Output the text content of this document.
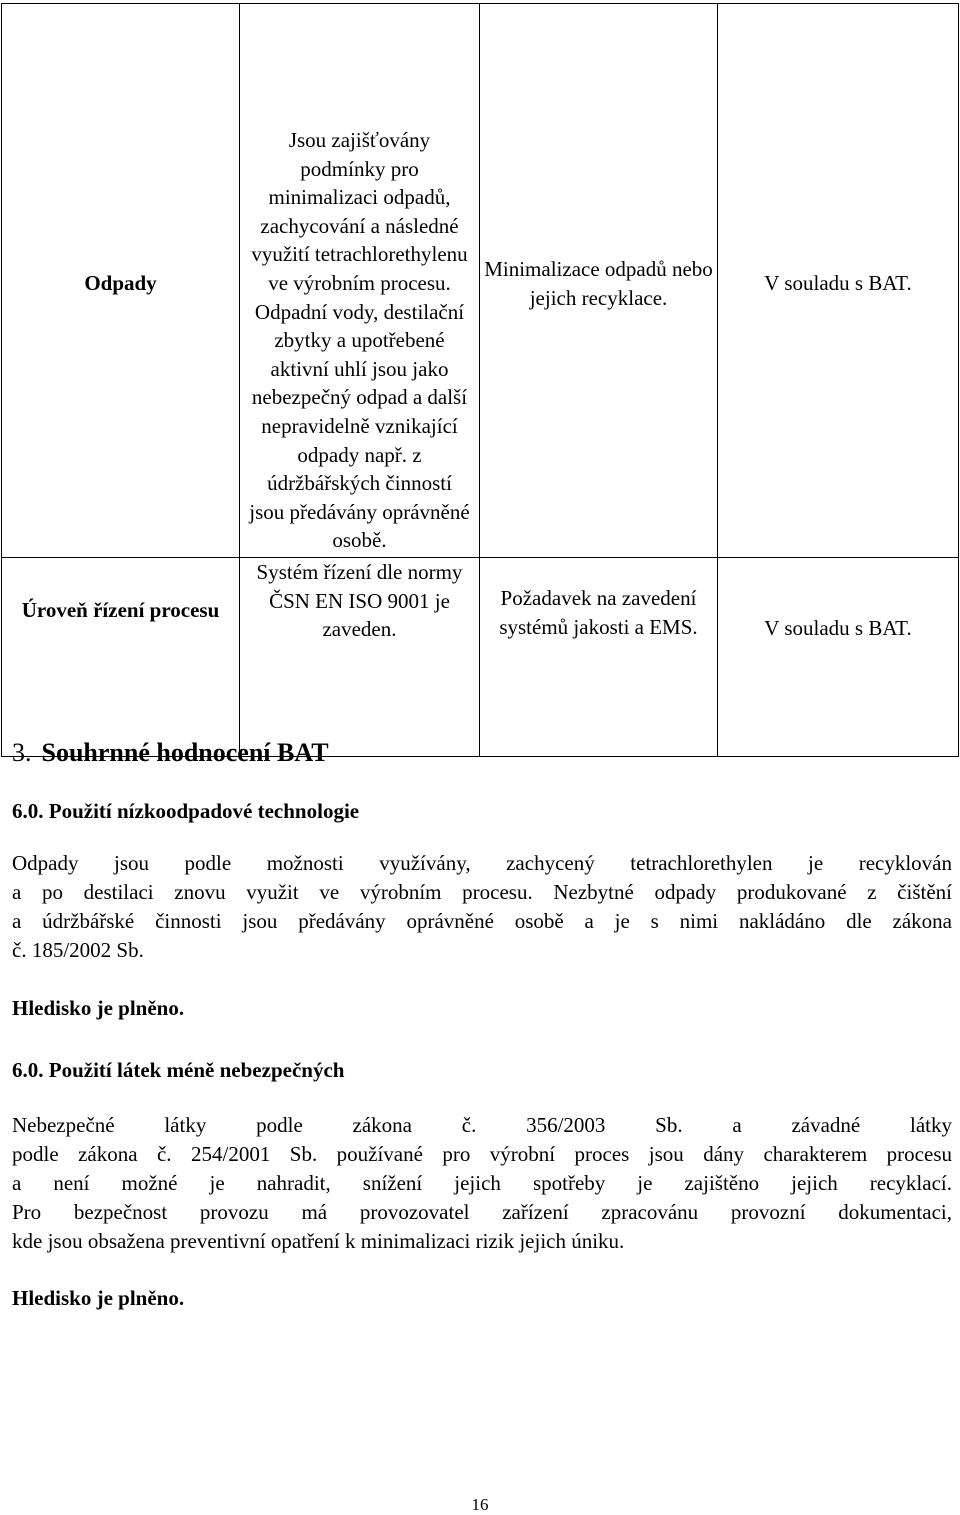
Odpady	Jsou zajišťovány podmínky pro minimalizaci odpadů, zachycování a následné využití tetrachlorethylenu ve výrobním procesu. Odpadní vody, destilační zbytky a upotřebené aktivní uhlí jsou jako nebezpečný odpad a další nepravidelně vznikající odpady např. z údržbářských činností jsou předávány oprávněné osobě.	Minimalizace odpadů nebo jejich recyklace.	V souladu s BAT.
Úroveň řízení procesu	Systém řízení dle normy ČSN EN ISO 9001 je zaveden.	Požadavek na zavedení systémů jakosti a EMS.	V souladu s BAT.
3. Souhrnné hodnocení BAT
6.0. Použití nízkoodpadové technologie
Odpady jsou podle možnosti využívány, zachycený tetrachlorethylen je recyklován
a po destilaci znovu využit ve výrobním procesu. Nezbytné odpady produkované z čištění
a údržbářské činnosti jsou předávány oprávněné osobě a je s nimi nakládáno dle zákona
č. 185/2002 Sb.

Hledisko je plněno.

6.0. Použití látek méně nebezpečných
Nebezpečné látky podle zákona č. 356/2003 Sb. a závadné látky
podle zákona č. 254/2001 Sb. používané pro výrobní proces jsou dány charakterem procesu
a není možné je nahradit, snížení jejich spotřeby je zajištěno jejich recyklací.
Pro bezpečnost provozu má provozovatel zařízení zpracovánu provozní dokumentaci,
kde jsou obsažena preventivní opatření k minimalizaci rizik jejich úniku.

Hledisko je plněno.

16
